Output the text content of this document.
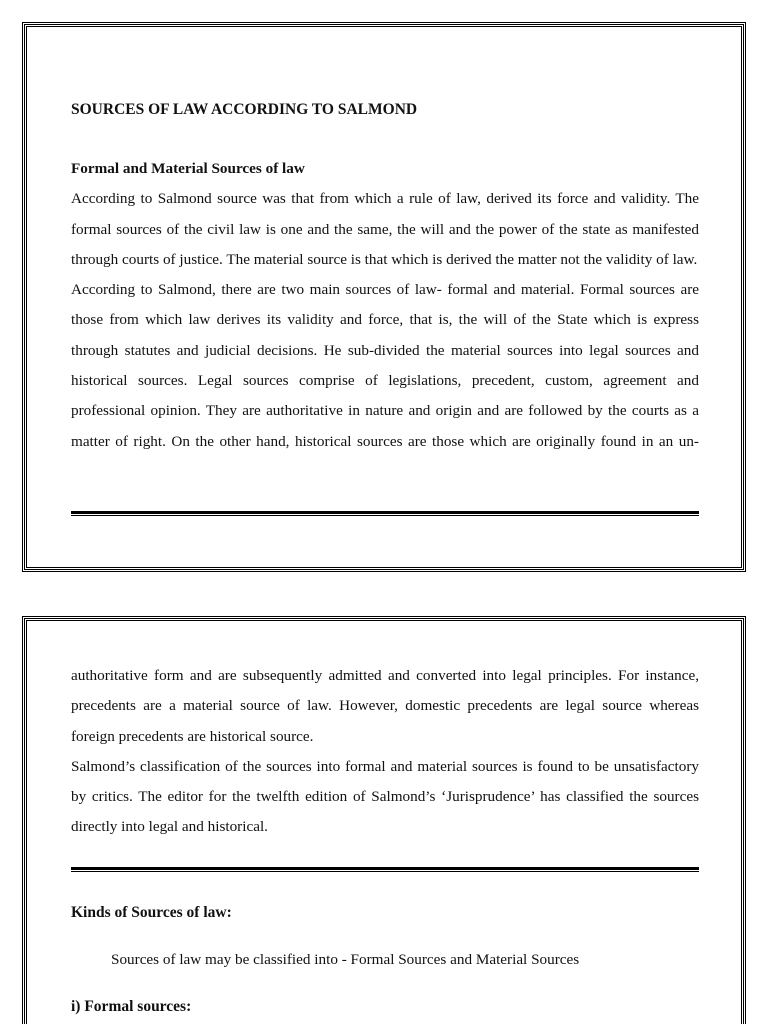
SOURCES OF LAW ACCORDING TO SALMOND

Formal and Material Sources of law

According to Salmond source was that from which a rule of law, derived its force and validity. The formal sources of the civil law is one and the same, the will and the power of the state as manifested through courts of justice. The material source is that which is derived the matter not the validity of law.

According to Salmond, there are two main sources of law- formal and material. Formal sources are those from which law derives its validity and force, that is, the will of the State which is express through statutes and judicial decisions. He sub-divided the material sources into legal sources and historical sources. Legal sources comprise of legislations, precedent, custom, agreement and professional opinion. They are authoritative in nature and origin and are followed by the courts as a matter of right. On the other hand, historical sources are those which are originally found in an un-

authoritative form and are subsequently admitted and converted into legal principles. For instance, precedents are a material source of law. However, domestic precedents are legal source whereas foreign precedents are historical source.

Salmond’s classification of the sources into formal and material sources is found to be unsatisfactory by critics. The editor for the twelfth edition of Salmond’s ‘Jurisprudence’ has classified the sources directly into legal and historical.

Kinds of Sources of law:

Sources of law may be classified into - Formal Sources and Material Sources

i) Formal sources:
